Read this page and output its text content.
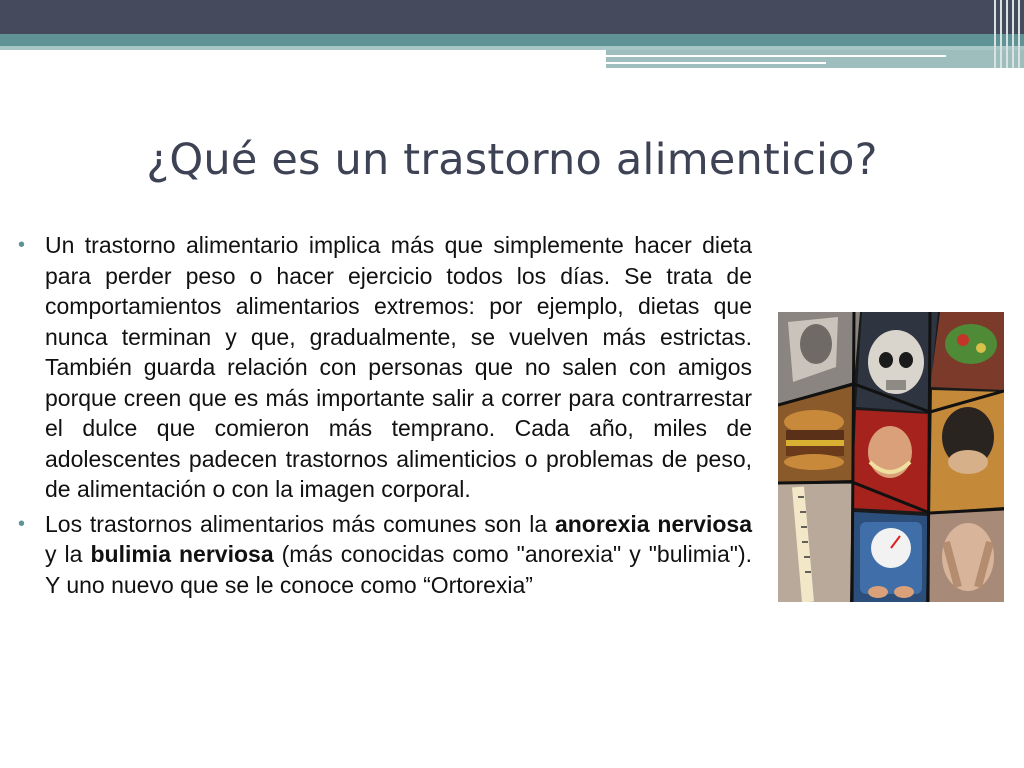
¿Qué es un trastorno alimenticio?
• Un trastorno alimentario implica más que simplemente hacer dieta para perder peso o hacer ejercicio todos los días. Se trata de comportamientos alimentarios extremos: por ejemplo, dietas que nunca terminan y que, gradualmente, se vuelven más estrictas. También guarda relación con personas que no salen con amigos porque creen que es más importante salir a correr para contrarrestar el dulce que comieron más temprano. Cada año, miles de adolescentes padecen trastornos alimenticios o problemas de peso, de alimentación o con la imagen corporal.
• Los trastornos alimentarios más comunes son la anorexia nerviosa y la bulimia nerviosa (más conocidas como "anorexia" y "bulimia"). Y uno nuevo que se le conoce como “Ortorexia”
